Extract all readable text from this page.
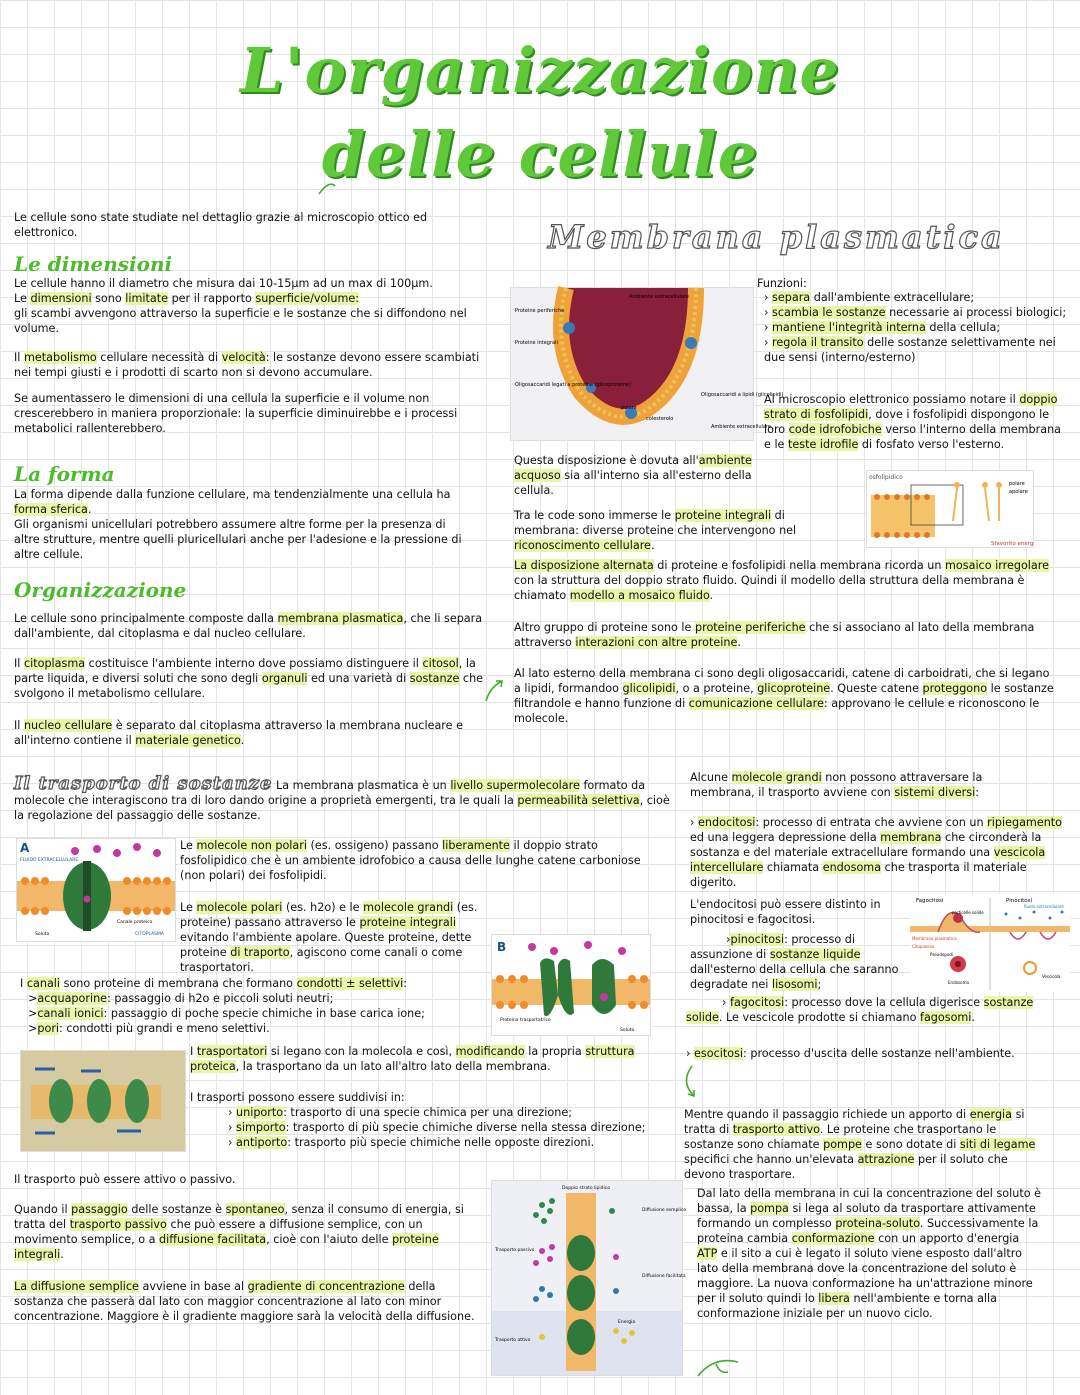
L'organizzazione
delle cellule
Le cellule sono state studiate nel dettaglio grazie al microscopio ottico ed elettronico.
Le dimensioni
Le cellule hanno il diametro che misura dai 10-15µm ad un max di 100µm.
Le dimensioni sono limitate per il rapporto superficie/volume:
gli scambi avvengono attraverso la superficie e le sostanze che si diffondono nel volume.
Il metabolismo cellulare necessità di velocità: le sostanze devono essere scambiati nei tempi giusti e i prodotti di scarto non si devono accumulare.
Se aumentassero le dimensioni di una cellula la superficie e il volume non crescerebbero in maniera proporzionale: la superficie diminuirebbe e i processi metabolici rallenterebbero.
La forma
La forma dipende dalla funzione cellulare, ma tendenzialmente una cellula ha forma sferica.
Gli organismi unicellulari potrebbero assumere altre forme per la presenza di altre strutture, mentre quelli pluricellulari anche per l'adesione e la pressione di altre cellule.
Organizzazione
Le cellule sono principalmente composte dalla membrana plasmatica, che li separa dall'ambiente, dal citoplasma e dal nucleo cellulare.
Il citoplasma costituisce l'ambiente interno dove possiamo distinguere il citosol, la parte liquida, e diversi soluti che sono degli organuli ed una varietà di sostanze che svolgono il metabolismo cellulare.
Il nucleo cellulare è separato dal citoplasma attraverso la membrana nucleare e all'interno contiene il materiale genetico.
Membrana plasmatica
Proteine periferiche
Proteine integrali
Oligosaccaridi legati a proteine (glicoproteine)
Ambiente extracellulare
Oligosaccaridi a lipidi (glicolipidi)
polare
colesterolo
Ambiente extracellulare
Funzioni:
› separa dall'ambiente extracellulare;
› scambia le sostanze necessarie ai processi biologici;
› mantiene l'integrità interna della cellula;
› regola il transito delle sostanze selettivamente nei due sensi (interno/esterno)
Al microscopio elettronico possiamo notare il doppio strato di fosfolipidi, dove i fosfolipidi dispongono le loro code idrofobiche verso l'interno della membrana e le teste idrofile di fosfato verso l'esterno.
Questa disposizione è dovuta all'ambiente acquoso sia all'interno sia all'esterno della cellula.
osfolipidico
polare
apolare
Sfavorito energ
Tra le code sono immerse le proteine integrali di membrana: diverse proteine che intervengono nel riconoscimento cellulare.
La disposizione alternata di proteine e fosfolipidi nella membrana ricorda un mosaico irregolare con la struttura del doppio strato fluido. Quindi il modello della struttura della membrana è chiamato modello a mosaico fluido.
Altro gruppo di proteine sono le proteine periferiche che si associano al lato della membrana attraverso interazioni con altre proteine.
Al lato esterno della membrana ci sono degli oligosaccaridi, catene di carboidrati, che si legano a lipidi, formandoo glicolipidi, o a proteine, glicoproteine. Queste catene proteggono le sostanze filtrandole e hanno funzione di comunicazione cellulare: approvano le cellule e riconoscono le molecole.
Il trasporto di sostanze La membrana plasmatica è un livello supermolecolare formato da molecole che interagiscono tra di loro dando origine a proprietà emergenti, tra le quali la permeabilità selettiva, cioè la regolazione del passaggio delle sostanze.
A
FLUIDO EXTRACELLULARE
Canale proteico
Soluto	CITOPLASMA
Le molecole non polari (es. ossigeno) passano liberamente il doppio strato fosfolipidico che è un ambiente idrofobico a causa delle lunghe catene carboniose (non polari) dei fosfolipidi.
Le molecole polari (es. h2o) e le molecole grandi (es. proteine) passano attraverso le proteine integrali evitando l'ambiente apolare. Queste proteine, dette proteine di traporto, agiscono come canali o come trasportatori.
B
Proteina trasportatrice
Soluto
I canali sono proteine di membrana che formano condotti ± selettivi:
>acquaporine: passaggio di h2o e piccoli soluti neutri;
>canali ionici: passaggio di poche specie chimiche in base carica ione;
>pori: condotti più grandi e meno selettivi.
I trasportatori si legano con la molecola e così, modificando la propria struttura proteica, la trasportano da un lato all'altro lato della membrana.
I trasporti possono essere suddivisi in:
› uniporto: trasporto di una specie chimica per una direzione;
› simporto: trasporto di più specie chimiche diverse nella stessa direzione;
› antiporto: trasporto più specie chimiche nelle opposte direzioni.
Il trasporto può essere attivo o passivo.
Quando il passaggio delle sostanze è spontaneo, senza il consumo di energia, si tratta del trasporto passivo che può essere a diffusione semplice, con un movimento semplice, o a diffusione facilitata, cioè con l'aiuto delle proteine integrali.
La diffusione semplice avviene in base al gradiente di concentrazione della sostanza che passerà dal lato con maggior concentrazione al lato con minor concentrazione. Maggiore è il gradiente maggiore sarà la velocità della diffusione.
Doppio strato lipidico
Trasporto passivo
Trasporto attivo
Diffusione semplice
Diffusione facilitata
Energia
Alcune molecole grandi non possono attraversare la membrana, il trasporto avviene con sistemi diversi:
› endocitosi: processo di entrata che avviene con un ripiegamento ed una leggera depressione della membrana che circonderà la sostanza e del materiale extracellulare formando una vescicola intercellulare chiamata endosoma che trasporta il materiale digerito.
L'endocitosi può essere distinto in pinocitosi e fagocitosi.
›pinocitosi: processo di assunzione di sostanze liquide dall'esterno della cellula che saranno degradate nei lisosomi;
Fagocitosi	Pinocitosi
particelle solide
fluido extracellulare
Membrana plasmatica
Citoplasma
Pseudopodi
Endosoma
Vescicola
› fagocitosi: processo dove la cellula digerisce sostanze solide. Le vescicole prodotte si chiamano fagosomi.
› esocitosi: processo d'uscita delle sostanze nell'ambiente.
Mentre quando il passaggio richiede un apporto di energia si tratta di trasporto attivo. Le proteine che trasportano le sostanze sono chiamate pompe e sono dotate di siti di legame specifici che hanno un'elevata attrazione per il soluto che devono trasportare.
Dal lato della membrana in cui la concentrazione del soluto è bassa, la pompa si lega al soluto da trasportare attivamente formando un complesso proteina-soluto. Successivamente la proteina cambia conformazione con un apporto d'energia ATP e il sito a cui è legato il soluto viene esposto dall'altro lato della membrana dove la concentrazione del soluto è maggiore. La nuova conformazione ha un'attrazione minore per il soluto quindi lo libera nell'ambiente e torna alla conformazione iniziale per un nuovo ciclo.
